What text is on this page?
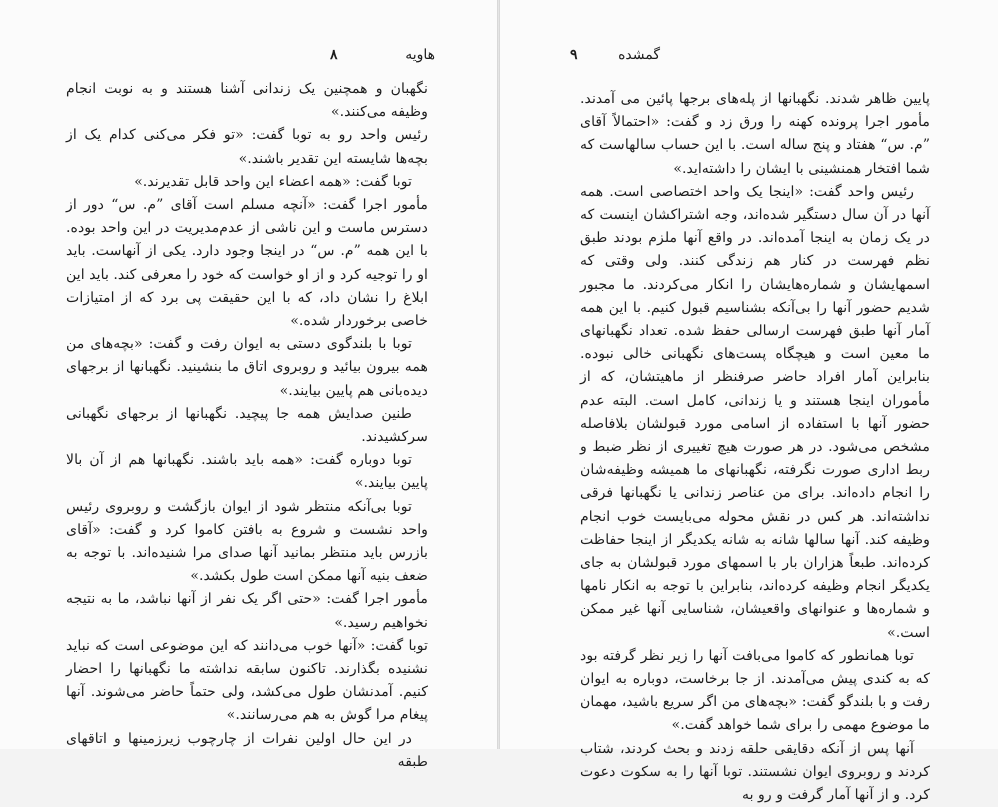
هاویه
۸

نگهبان و همچنین یک زندانی آشنا هستند و به نوبت انجام وظیفه می‌کنند.»

رئیس واحد رو به توبا گفت: «تو فکر می‌کنی کدام یک از بچه‌ها شایسته این تقدیر باشند.»

توبا گفت: «همه اعضاء این واحد قابل تقدیرند.»

مأمور اجرا گفت: «آنچه مسلم است آقای ”م. س“ دور از دسترس ماست و این ناشی از عدم‌مدیریت در این واحد بوده. با این همه ”م. س“ در اینجا وجود دارد. یکی از آنهاست. باید او را توجیه کرد و از او خواست که خود را معرفی کند. باید این ابلاغ را نشان داد، که با این حقیقت پی برد که از امتیازات خاصی برخوردار شده.»

توبا با بلندگوی دستی به ایوان رفت و گفت: «بچه‌های من همه بیرون بیائید و روبروی اتاق ما بنشینید. نگهبانها از برجهای دیده‌بانی هم پایین بیایند.»

طنین صدایش همه جا پیچید. نگهبانها از برجهای نگهبانی سرکشیدند.

توبا دوباره گفت: «همه باید باشند. نگهبانها هم از آن بالا پایین بیایند.»

توبا بی‌آنکه منتظر شود از ایوان بازگشت و روبروی رئیس واحد نشست و شروع به بافتن کاموا کرد و گفت: «آقای بازرس باید منتظر بمانید آنها صدای مرا شنیده‌اند. با توجه به ضعف بنیه آنها ممکن است طول بکشد.»

مأمور اجرا گفت: «حتی اگر یک نفر از آنها نباشد، ما به نتیجه نخواهیم رسید.»

توبا گفت: «آنها خوب می‌دانند که این موضوعی است که نباید نشنیده بگذارند. تاکنون سابقه نداشته ما نگهبانها را احضار کنیم. آمدنشان طول می‌کشد، ولی حتماً حاضر می‌شوند. آنها پیغام مرا گوش به هم می‌رسانند.»

در این حال اولین نفرات از چارچوب زیرزمینها و اتاقهای طبقه

گمشده
۹

پایین ظاهر شدند. نگهبانها از پله‌های برجها پائین می آمدند. مأمور اجرا پرونده کهنه را ورق زد و گفت: «احتمالاً آقای ”م. س“ هفتاد و پنج ساله است. با این حساب سالهاست که شما افتخار همنشینی با ایشان را داشته‌اید.»

رئیس واحد گفت: «اینجا یک واحد اختصاصی است. همه آنها در آن سال دستگیر شده‌اند، وجه اشتراکشان اینست که در یک زمان به اینجا آمده‌اند. در واقع آنها ملزم بودند طبق نظم فهرست در کنار هم زندگی کنند. ولی وقتی که اسمهایشان و شماره‌هایشان را انکار می‌کردند. ما مجبور شدیم حضور آنها را بی‌آنکه بشناسیم قبول کنیم. با این همه آمار آنها طبق فهرست ارسالی حفظ شده. تعداد نگهبانهای ما معین است و هیچگاه پست‌های نگهبانی خالی نبوده. بنابراین آمار افراد حاضر صرفنظر از ماهیتشان، که از مأموران اینجا هستند و یا زندانی، کامل است. البته عدم حضور آنها با استفاده از اسامی مورد قبولشان بلافاصله مشخص می‌شود. در هر صورت هیچ تغییری از نظر ضبط و ربط اداری صورت نگرفته، نگهبانهای ما همیشه وظیفه‌شان را انجام داده‌اند. برای من عناصر زندانی یا نگهبانها فرقی نداشته‌اند. هر کس در نقش محوله می‌بایست خوب انجام وظیفه کند. آنها سالها شانه به شانه یکدیگر از اینجا حفاظت کرده‌اند. طبعاً هزاران بار با اسمهای مورد قبولشان به جای یکدیگر انجام وظیفه کرده‌اند، بنابراین با توجه به انکار نامها و شماره‌ها و عنوانهای واقعیشان، شناسایی آنها غیر ممکن است.»

توبا همانطور که کاموا می‌بافت آنها را زیر نظر گرفته بود که به کندی پیش می‌آمدند. از جا برخاست، دوباره به ایوان رفت و با بلندگو گفت: «بچه‌های من اگر سریع باشید، مهمان ما موضوع مهمی را برای شما خواهد گفت.»

آنها پس از آنکه دقایقی حلقه زدند و بحث کردند، شتاب کردند و روبروی ایوان نشستند. توبا آنها را به سکوت دعوت کرد. و از آنها آمار گرفت و رو به
